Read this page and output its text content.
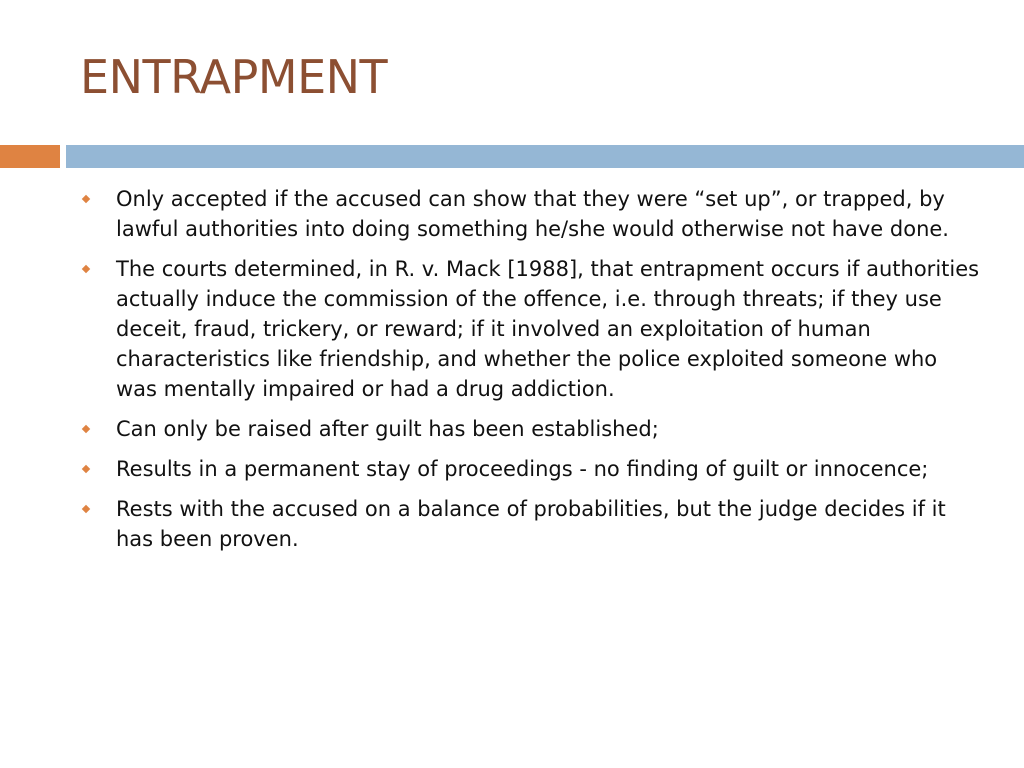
ENTRAPMENT
Only accepted if the accused can show that they were “set up”, or trapped, by lawful authorities into doing something he/she would otherwise not have done.
The courts determined, in R. v. Mack [1988], that entrapment occurs if authorities actually induce the commission of the offence, i.e. through threats; if they use deceit, fraud, trickery, or reward; if it involved an exploitation of human characteristics like friendship, and whether the police exploited someone who was mentally impaired or had a drug addiction.
Can only be raised after guilt has been established;
Results in a permanent stay of proceedings - no finding of guilt or innocence;
Rests with the accused on a balance of probabilities, but the judge decides if it has been proven.
